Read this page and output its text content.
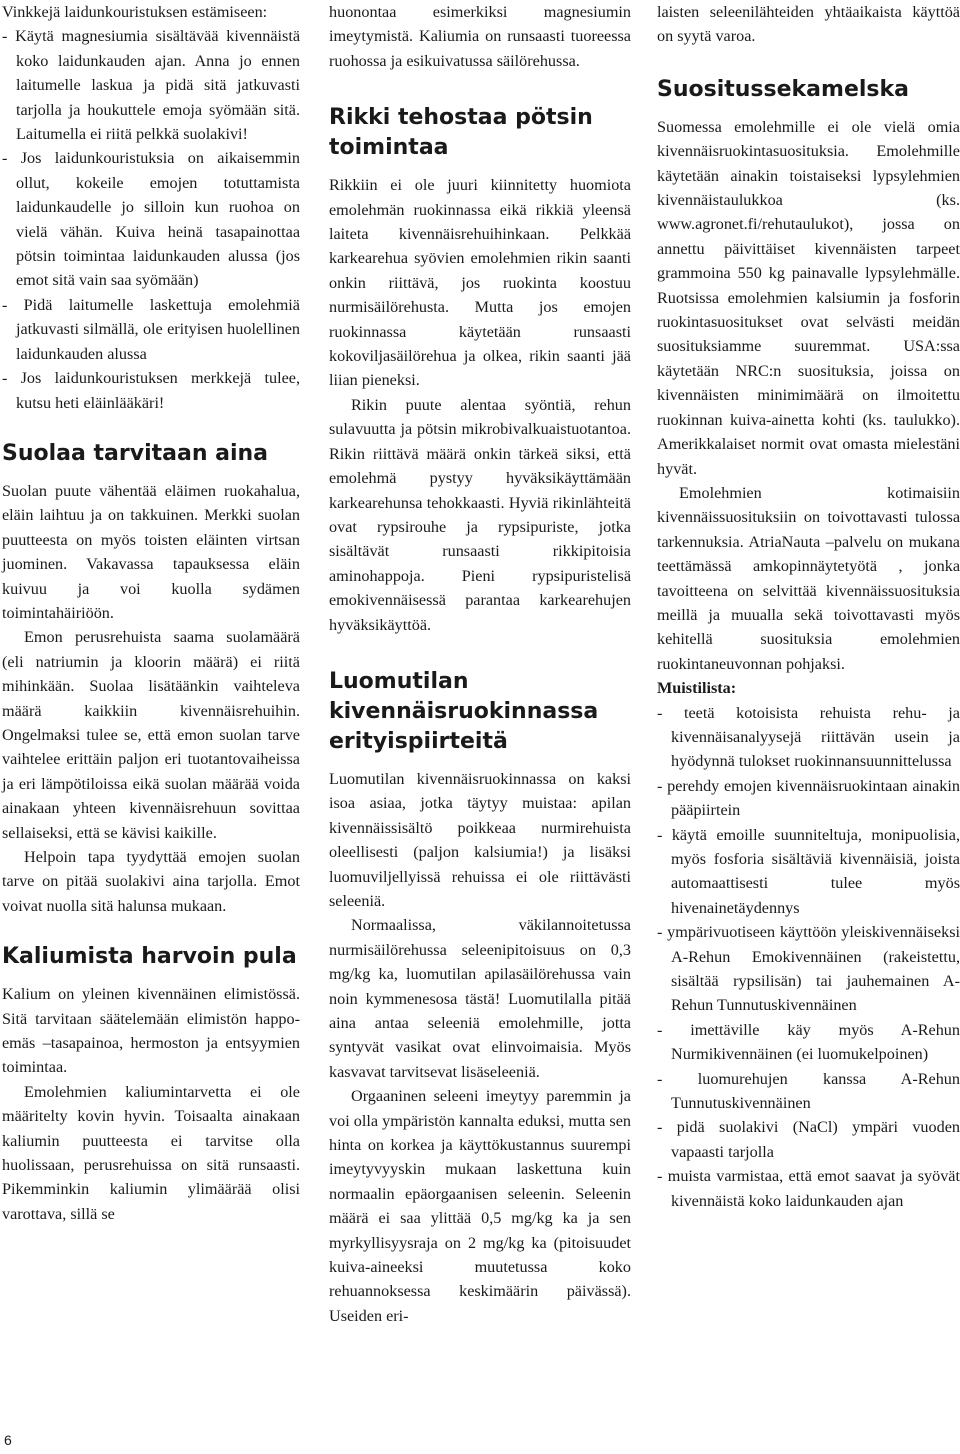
Vinkkejä laidunkouristuksen estämiseen:

- Käytä magnesiumia sisältävää kivennäistä koko laidunkauden ajan. Anna jo ennen laitumelle laskua ja pidä sitä jatkuvasti tarjolla ja houkuttele emoja syömään sitä. Laitumella ei riitä pelkkä suolakivi!
- Jos laidunkouristuksia on aikaisemmin ollut, kokeile emojen totuttamista laidunkaudelle jo silloin kun ruohoa on vielä vähän. Kuiva heinä tasapainottaa pötsin toimintaa laidunkauden alussa (jos emot sitä vain saa syömään)
- Pidä laitumelle laskettuja emolehmiä jatkuvasti silmällä, ole erityisen huolellinen laidunkauden alussa
- Jos laidunkouristuksen merkkejä tulee, kutsu heti eläinlääkäri!
Suolaa tarvitaan aina

Suolan puute vähentää eläimen ruokahalua, eläin laihtuu ja on takkuinen. Merkki suolan puutteesta on myös toisten eläinten virtsan juominen. Vakavassa tapauksessa eläin kuivuu ja voi kuolla sydämen toimintahäiriöön.

Emon perusrehuista saama suolamäärä (eli natriumin ja kloorin määrä) ei riitä mihinkään. Suolaa lisätäänkin vaihteleva määrä kaikkiin kivennäisrehuihin. Ongelmaksi tulee se, että emon suolan tarve vaihtelee erittäin paljon eri tuotantovaiheissa ja eri lämpötiloissa eikä suolan määrää voida ainakaan yhteen kivennäisrehuun sovittaa sellaiseksi, että se kävisi kaikille.

Helpoin tapa tyydyttää emojen suolan tarve on pitää suolakivi aina tarjolla. Emot voivat nuolla sitä halunsa mukaan.

Kaliumista harvoin pula

Kalium on yleinen kivennäinen elimistössä. Sitä tarvitaan säätelemään elimistön happo-emäs –tasapainoa, hermoston ja entsyymien toimintaa.

Emolehmien kaliumintarvetta ei ole määritelty kovin hyvin. Toisaalta ainakaan kaliumin puutteesta ei tarvitse olla huolissaan, perusrehuissa on sitä runsaasti. Pikemminkin kaliumin ylimäärää olisi varottava, sillä se

huonontaa esimerkiksi magnesiumin imeytymistä. Kaliumia on runsaasti tuoreessa ruohossa ja esikuivatussa säilörehussa.

Rikki tehostaa pötsin toimintaa

Rikkiin ei ole juuri kiinnitetty huomiota emolehmän ruokinnassa eikä rikkiä yleensä laiteta kivennäisrehuihinkaan. Pelkkää karkearehua syövien emolehmien rikin saanti onkin riittävä, jos ruokinta koostuu nurmisäilörehusta. Mutta jos emojen ruokinnassa käytetään runsaasti kokoviljasäilörehua ja olkea, rikin saanti jää liian pieneksi.

Rikin puute alentaa syöntiä, rehun sulavuutta ja pötsin mikrobivalkuaistuotantoa. Rikin riittävä määrä onkin tärkeä siksi, että emolehmä pystyy hyväksikäyttämään karkearehunsa tehokkaasti. Hyviä rikinlähteitä ovat rypsirouhe ja rypsipuriste, jotka sisältävät runsaasti rikkipitoisia aminohappoja. Pieni rypsipuristelisä emokivennäisessä parantaa karkearehujen hyväksikäyttöä.

Luomutilan kivennäisruokinnassa erityispiirteitä

Luomutilan kivennäisruokinnassa on kaksi isoa asiaa, jotka täytyy muistaa: apilan kivennäissisältö poikkeaa nurmirehuista oleellisesti (paljon kalsiumia!) ja lisäksi luomuviljellyissä rehuissa ei ole riittävästi seleeniä.

Normaalissa, väkilannoitetussa nurmisäilörehussa seleenipitoisuus on 0,3 mg/kg ka, luomutilan apilasäilörehussa vain noin kymmenesosa tästä! Luomutilalla pitää aina antaa seleeniä emolehmille, jotta syntyvät vasikat ovat elinvoimaisia. Myös kasvavat tarvitsevat lisäseleeniä.

Orgaaninen seleeni imeytyy paremmin ja voi olla ympäristön kannalta eduksi, mutta sen hinta on korkea ja käyttökustannus suurempi imeytyvyyskin mukaan laskettuna kuin normaalin epäorgaanisen seleenin. Seleenin määrä ei saa ylittää 0,5 mg/kg ka ja sen myrkyllisyysraja on 2 mg/kg ka (pitoisuudet kuiva-aineeksi muutetussa koko rehuannoksessa keskimäärin päivässä). Useiden eri-

laisten seleenilähteiden yhtäaikaista käyttöä on syytä varoa.

Suositussekamelska

Suomessa emolehmille ei ole vielä omia kivennäisruokintasuosituksia. Emolehmille käytetään ainakin toistaiseksi lypsylehmien kivennäistaulukkoa (ks. www.agronet.fi/rehutaulukot), jossa on annettu päivittäiset kivennäisten tarpeet grammoina 550 kg painavalle lypsylehmälle. Ruotsissa emolehmien kalsiumin ja fosforin ruokintasuositukset ovat selvästi meidän suosituksiamme suuremmat. USA:ssa käytetään NRC:n suosituksia, joissa on kivennäisten minimimäärä on ilmoitettu ruokinnan kuiva-ainetta kohti (ks. taulukko). Amerikkalaiset normit ovat omasta mielestäni hyvät.

Emolehmien kotimaisiin kivennäissuosituksiin on toivottavasti tulossa tarkennuksia. AtriaNauta –palvelu on mukana teettämässä amkopinnäytetyötä , jonka tavoitteena on selvittää kivennäissuosituksia meillä ja muualla sekä toivottavasti myös kehitellä suosituksia emolehmien ruokintaneuvonnan pohjaksi.

Muistilista:

- teetä kotoisista rehuista rehu- ja kivennäisanalyysejä riittävän usein ja hyödynnä tulokset ruokinnansuunnittelussa
- perehdy emojen kivennäisruokintaan ainakin pääpiirtein
- käytä emoille suunniteltuja, monipuolisia, myös fosforia sisältäviä kivennäisiä, joista automaattisesti tulee myös hivenainetäydennys
- ympärivuotiseen käyttöön yleiskivennäiseksi A-Rehun Emokivennäinen (rakeistettu, sisältää rypsilisän) tai jauhemainen A-Rehun Tunnutuskivennäinen
- imettäville käy myös A-Rehun Nurmikivennäinen (ei luomukelpoinen)
- luomurehujen kanssa A-Rehun Tunnutuskivennäinen
- pidä suolakivi (NaCl) ympäri vuoden vapaasti tarjolla
- muista varmistaa, että emot saavat ja syövät kivennäistä koko laidunkauden ajan
6
